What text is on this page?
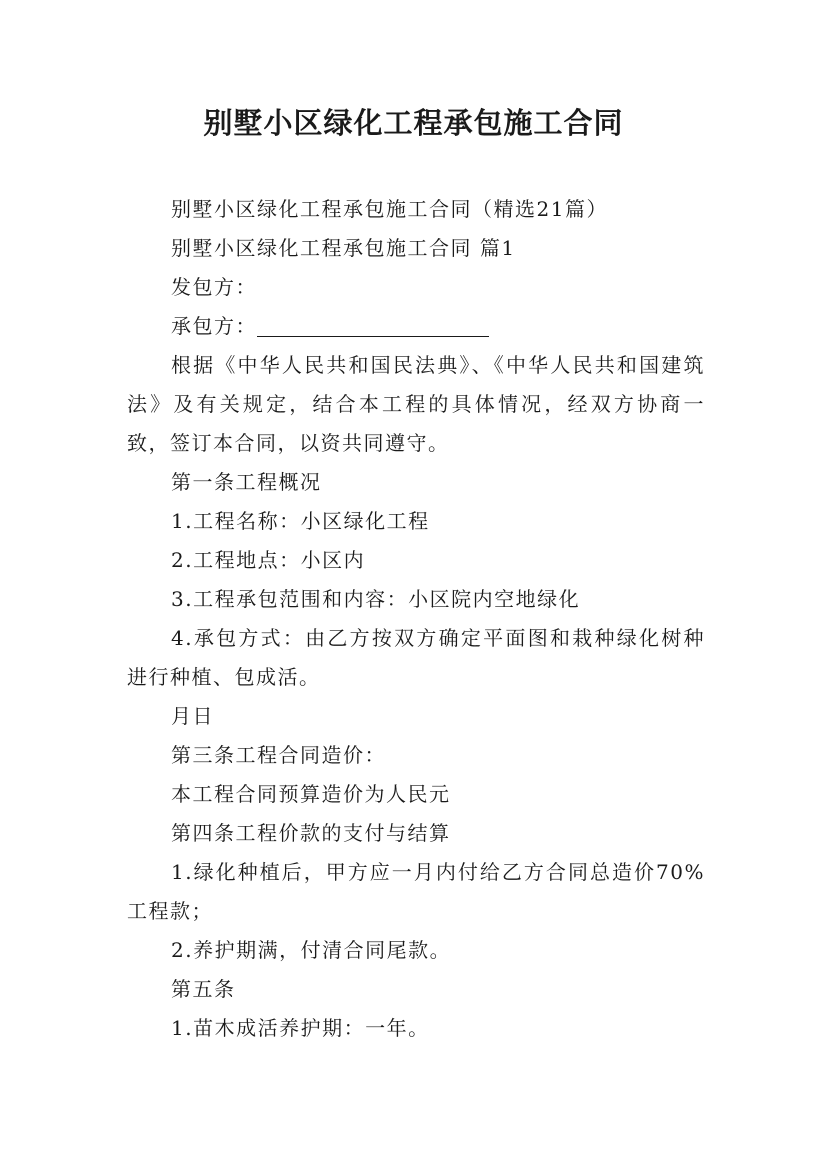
别墅小区绿化工程承包施工合同

别墅小区绿化工程承包施工合同（精选21篇）

别墅小区绿化工程承包施工合同 篇1

发包方：

承包方：

根据《中华人民共和国民法典》、《中华人民共和国建筑法》及有关规定，结合本工程的具体情况，经双方协商一致，签订本合同，以资共同遵守。

第一条工程概况

1.工程名称：小区绿化工程

2.工程地点：小区内

3.工程承包范围和内容：小区院内空地绿化

4.承包方式：由乙方按双方确定平面图和栽种绿化树种进行种植、包成活。

月日

第三条工程合同造价：

本工程合同预算造价为人民元

第四条工程价款的支付与结算

1.绿化种植后，甲方应一月内付给乙方合同总造价70%工程款；

2.养护期满，付清合同尾款。

第五条

1.苗木成活养护期：一年。
